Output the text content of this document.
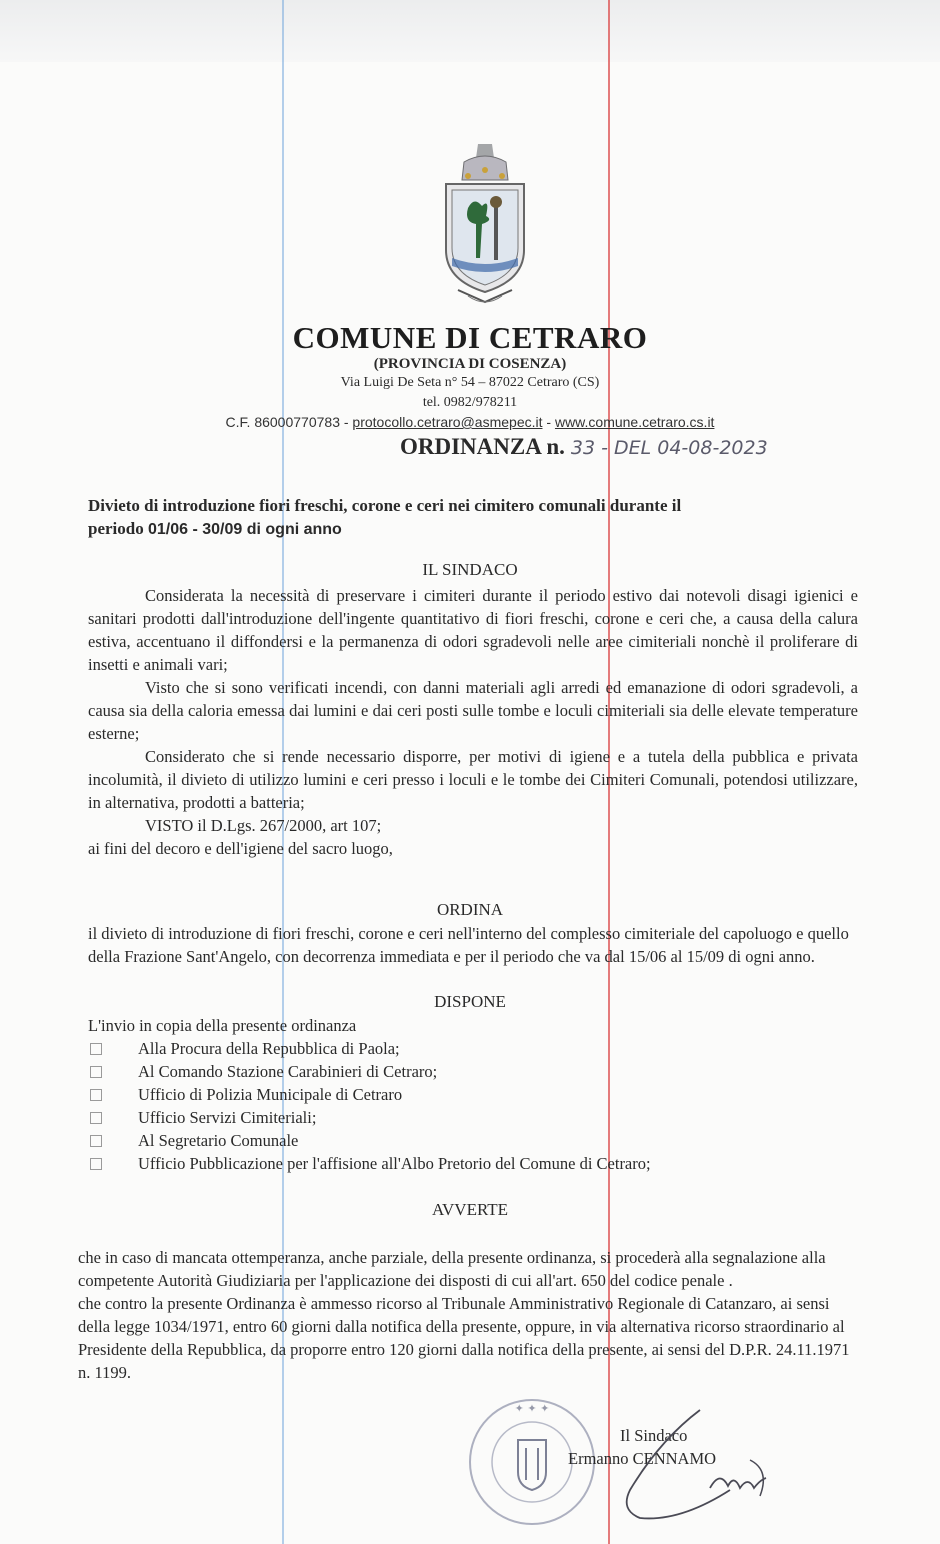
COMUNE DI CETRARO
(PROVINCIA DI COSENZA)
Via Luigi De Seta n° 54 – 87022 Cetraro (CS)
tel. 0982/978211
C.F. 86000770783 - protocollo.cetraro@asmepec.it - www.comune.cetraro.cs.it
ORDINANZA n. 33 - DEL 04-08-2023
Divieto di introduzione fiori freschi, corone e ceri nei cimitero comunali durante il
periodo 01/06 - 30/09 di ogni anno
IL SINDACO

Considerata la necessità di preservare i cimiteri durante il periodo estivo dai notevoli disagi igienici e sanitari prodotti dall'introduzione dell'ingente quantitativo di fiori freschi, corone e ceri che, a causa della calura estiva, accentuano il diffondersi e la permanenza di odori sgradevoli nelle aree cimiteriali nonchè il proliferare di insetti e animali vari;

Visto che si sono verificati incendi, con danni materiali agli arredi ed emanazione di odori sgradevoli, a causa sia della caloria emessa dai lumini e dai ceri posti sulle tombe e loculi cimiteriali sia delle elevate temperature esterne;

Considerato che si rende necessario disporre, per motivi di igiene e a tutela della pubblica e privata incolumità, il divieto di utilizzo lumini e ceri presso i loculi e le tombe dei Cimiteri Comunali, potendosi utilizzare, in alternativa, prodotti a batteria;

VISTO il D.Lgs. 267/2000, art 107;

ai fini del decoro e dell'igiene del sacro luogo,

ORDINA
il divieto di introduzione di fiori freschi, corone e ceri nell'interno del complesso cimiteriale del capoluogo e quello della Frazione Sant'Angelo, con decorrenza immediata e per il periodo che va dal 15/06 al 15/09 di ogni anno.
DISPONE
L'invio in copia della presente ordinanza
Alla Procura della Repubblica di Paola;
Al Comando Stazione Carabinieri di Cetraro;
Ufficio di Polizia Municipale di Cetraro
Ufficio Servizi Cimiteriali;
Al Segretario Comunale
Ufficio Pubblicazione per l'affisione all'Albo Pretorio del Comune di Cetraro;
AVVERTE

che in caso di mancata ottemperanza, anche parziale, della presente ordinanza, si procederà alla segnalazione alla competente Autorità Giudiziaria per l'applicazione dei disposti di cui all'art. 650 del codice penale .

che contro la presente Ordinanza è ammesso ricorso al Tribunale Amministrativo Regionale di Catanzaro, ai sensi della legge 1034/1971, entro 60 giorni dalla notifica della presente, oppure, in via alternativa ricorso straordinario al Presidente della Repubblica, da proporre entro 120 giorni dalla notifica della presente, ai sensi del D.P.R. 24.11.1971 n. 1199.

✦ ✦ ✦
Il Sindaco
Ermanno CENNAMO
